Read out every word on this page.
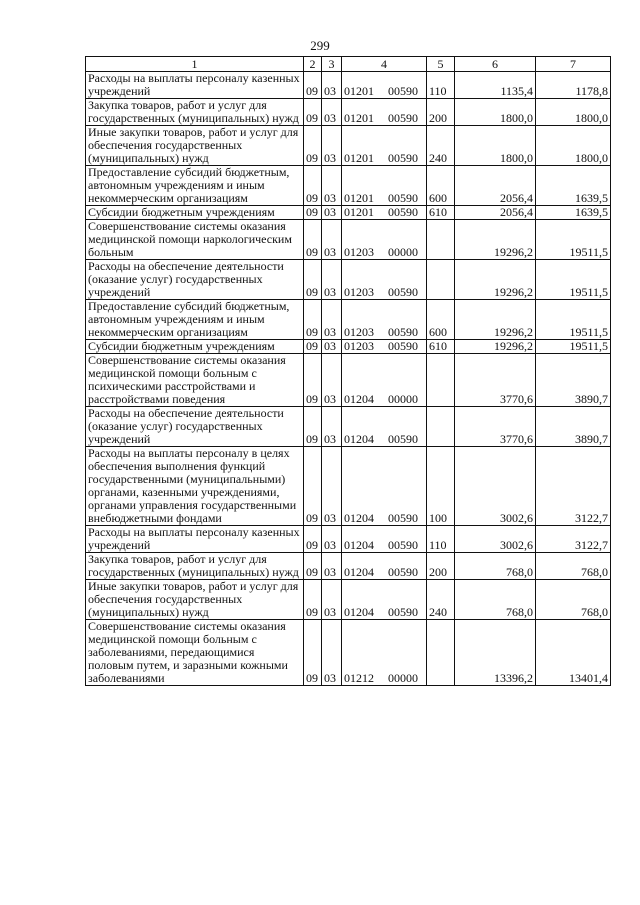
299
1	2	3	4	5	6	7
Расходы на выплаты персоналу казенных учреждений	09	03	01201 00590	110	1135,4	1178,8
Закупка товаров, работ и услуг для государственных (муниципальных) нужд	09	03	01201 00590	200	1800,0	1800,0
Иные закупки товаров, работ и услуг для обеспечения государственных (муниципальных) нужд	09	03	01201 00590	240	1800,0	1800,0
Предоставление субсидий бюджетным, автономным учреждениям и иным некоммерческим организациям	09	03	01201 00590	600	2056,4	1639,5
Субсидии бюджетным учреждениям	09	03	01201 00590	610	2056,4	1639,5
Совершенствование системы оказания медицинской помощи наркологическим больным	09	03	01203 00000		19296,2	19511,5
Расходы на обеспечение деятельности (оказание услуг) государственных учреждений	09	03	01203 00590		19296,2	19511,5
Предоставление субсидий бюджетным, автономным учреждениям и иным некоммерческим организациям	09	03	01203 00590	600	19296,2	19511,5
Субсидии бюджетным учреждениям	09	03	01203 00590	610	19296,2	19511,5
Совершенствование системы оказания медицинской помощи больным с психическими расстройствами и расстройствами поведения	09	03	01204 00000		3770,6	3890,7
Расходы на обеспечение деятельности (оказание услуг) государственных учреждений	09	03	01204 00590		3770,6	3890,7
Расходы на выплаты персоналу в целях обеспечения выполнения функций государственными (муниципальными) органами, казенными учреждениями, органами управления государственными внебюджетными фондами	09	03	01204 00590	100	3002,6	3122,7
Расходы на выплаты персоналу казенных учреждений	09	03	01204 00590	110	3002,6	3122,7
Закупка товаров, работ и услуг для государственных (муниципальных) нужд	09	03	01204 00590	200	768,0	768,0
Иные закупки товаров, работ и услуг для обеспечения государственных (муниципальных) нужд	09	03	01204 00590	240	768,0	768,0
Совершенствование системы оказания медицинской помощи больным с заболеваниями, передающимися половым путем, и заразными кожными заболеваниями	09	03	01212 00000		13396,2	13401,4
